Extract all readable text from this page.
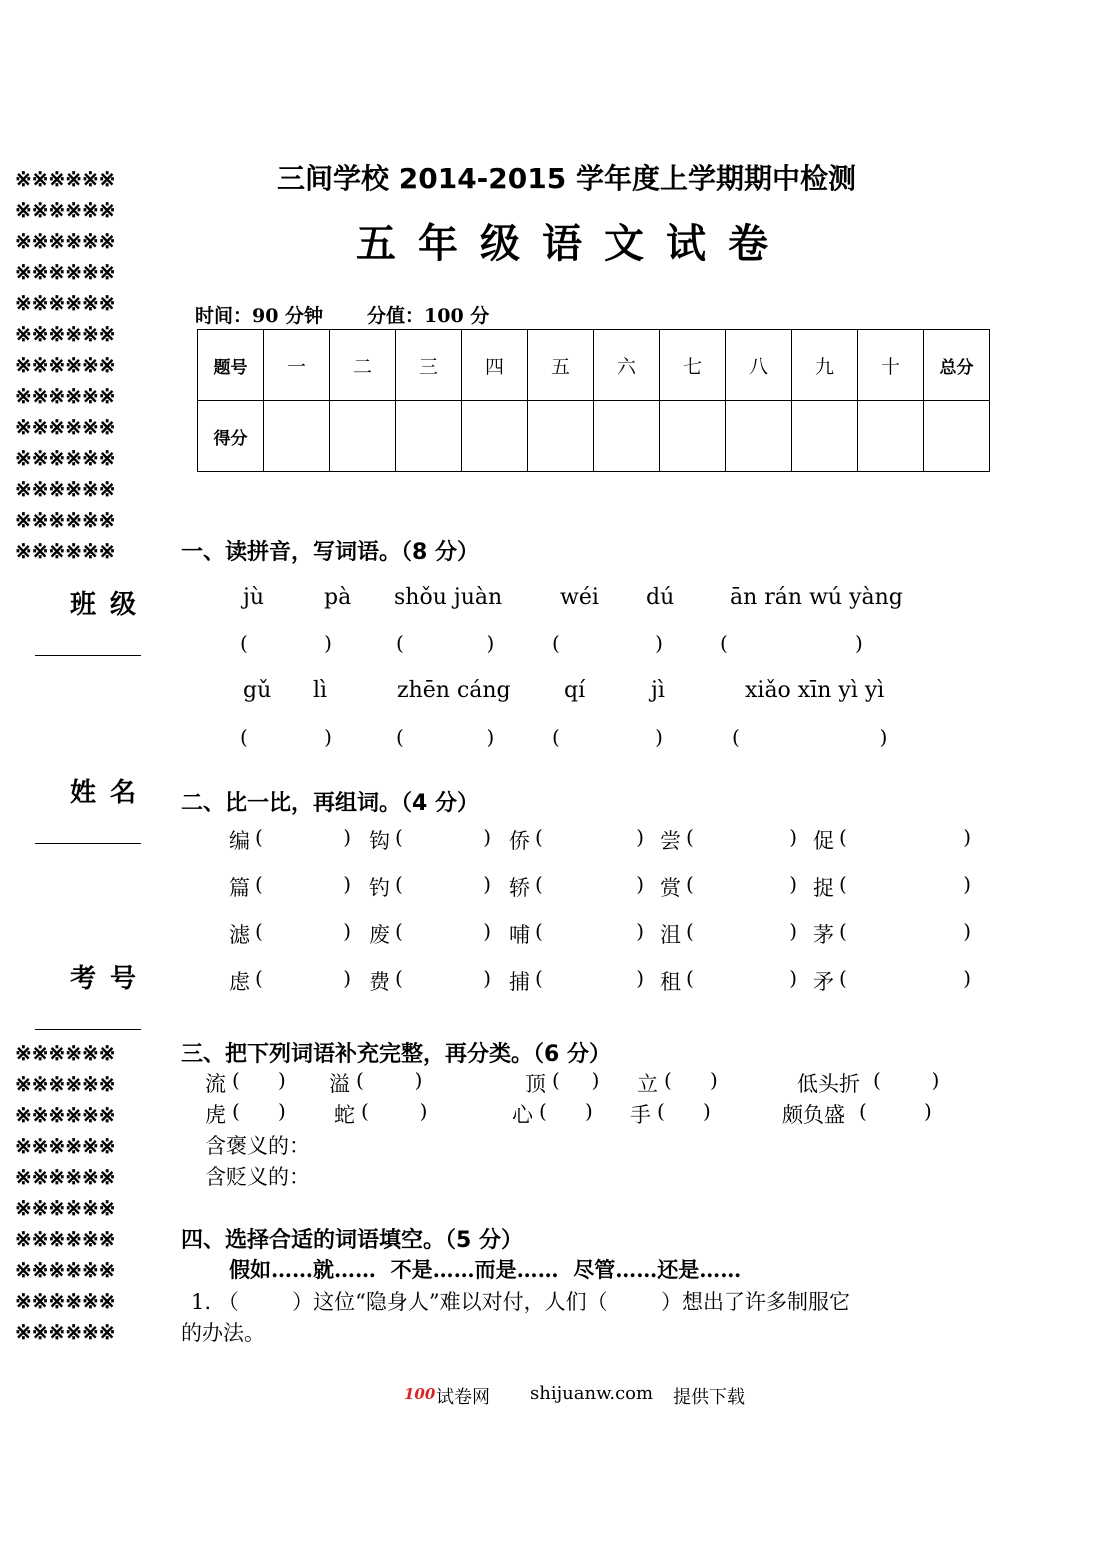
※※※※※※
※※※※※※
※※※※※※
※※※※※※
※※※※※※
※※※※※※
※※※※※※
※※※※※※
※※※※※※
※※※※※※
※※※※※※
※※※※※※
※※※※※※
※※※※※※
※※※※※※
※※※※※※
※※※※※※
※※※※※※
※※※※※※
※※※※※※
※※※※※※
※※※※※※
※※※※※※
班级
姓名
考号
三间学校 2014-2015 学年度上学期期中检测
五年级语文试卷
时间：90 分钟 分值：100 分
题号	一	二	三	四	五	六	七	八	九	十	总分
得分											
一、读拼音，写词语。（8 分）
jù	pà shǒu juàn	wéi dú	ān rán wú yàng
(            )	(             )	(               )	(                    )
gǔ lì	zhēn cáng qí	jì	xiǎo xīn yì yì
(            )	(             )	(               )	(                      )
二、比一比，再组词。（4 分）
编 (	) 钩 (	) 侨 (	) 尝 (	) 促 (	)
篇 (	) 钓 (	) 轿 (	) 赏 (	) 捉 (	)
滤 (	) 废 (	) 哺 (	) 沮 (	) 茅 (	)
虑 (	) 费 (	) 捕 (	) 租 (	) 矛 (	)
三、把下列词语补充完整，再分类。（6 分）
流 (      ) 溢 (        )	顶 (     ) 立 (      )	低头折 (        )
虎 (      ) 蛇 (        )	心 (      ) 手 (      )	颇负盛 (         )
含褒义的：
含贬义的：
四、选择合适的词语填空。（5 分）
假如……就……  不是……而是……  尽管……还是……
1. （        ）这位“隐身人”难以对付，人们（        ）想出了许多制服它
的办法。
100 试卷网 shijuanw.com 提供下载
